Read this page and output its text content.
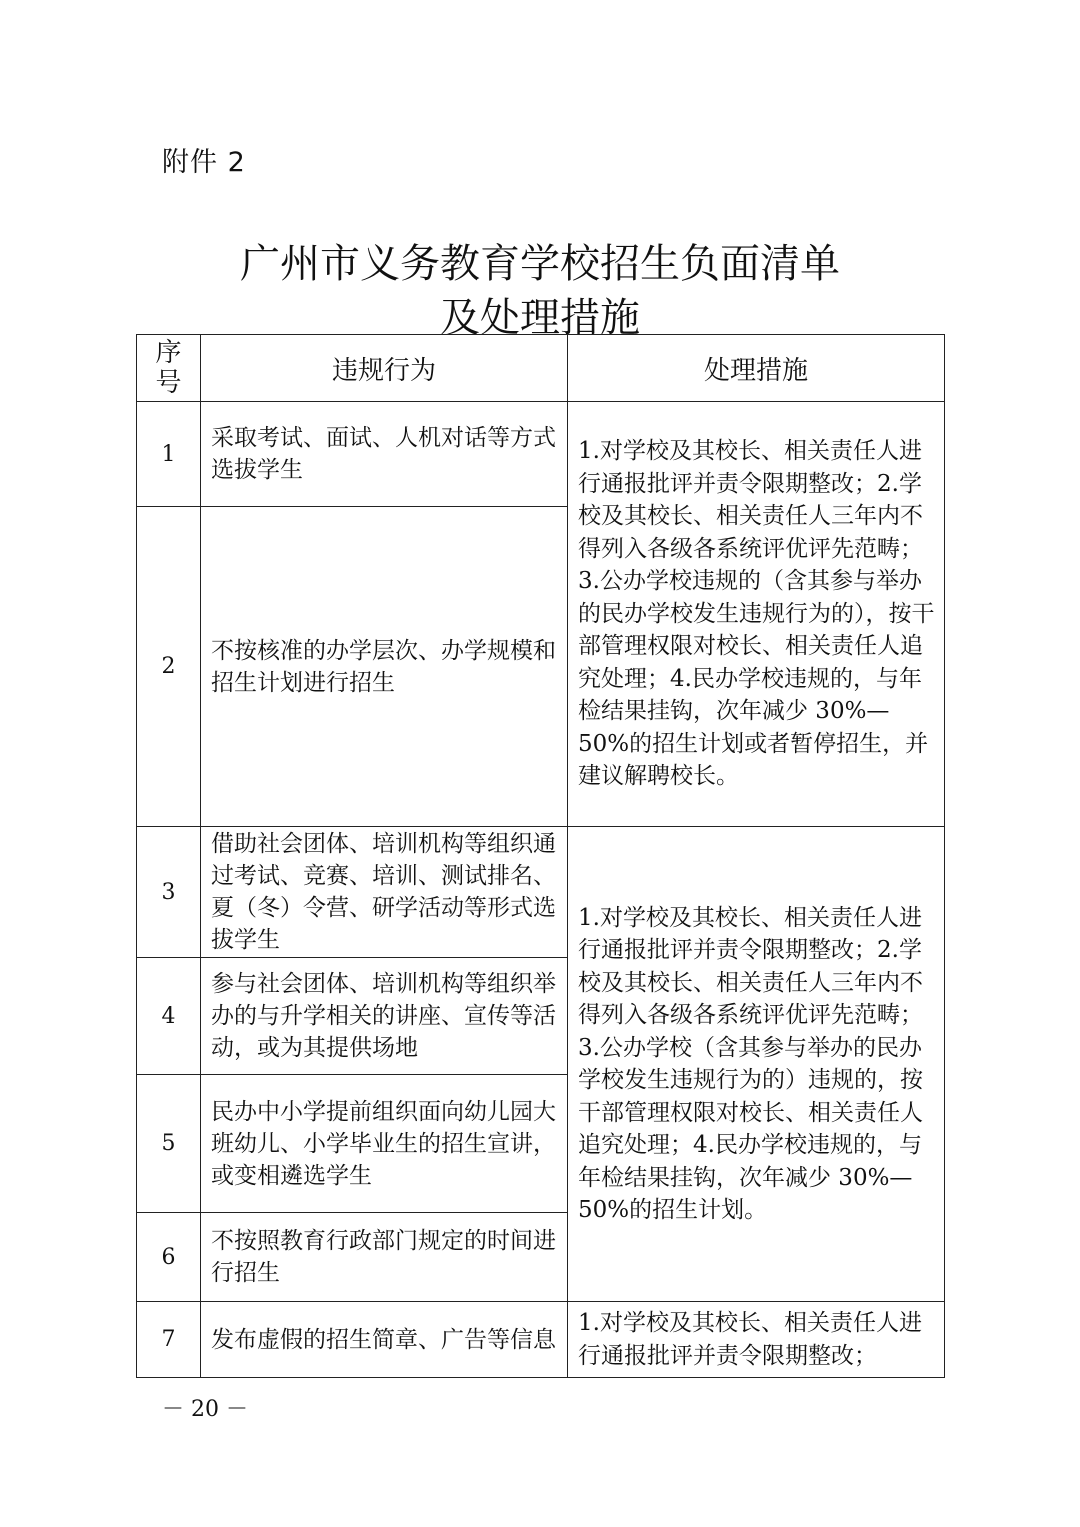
附件 2
广州市义务教育学校招生负面清单
及处理措施
序
号	违规行为	处理措施
1	采取考试、面试、人机对话等方式选拔学生	1.对学校及其校长、相关责任人进行通报批评并责令限期整改；2.学校及其校长、相关责任人三年内不得列入各级各系统评优评先范畴；3.公办学校违规的（含其参与举办的民办学校发生违规行为的），按干部管理权限对校长、相关责任人追究处理；4.民办学校违规的，与年检结果挂钩，次年减少 30%—50%的招生计划或者暂停招生，并建议解聘校长。
2	不按核准的办学层次、办学规模和招生计划进行招生	
3	借助社会团体、培训机构等组织通过考试、竞赛、培训、测试排名、夏（冬）令营、研学活动等形式选拔学生	1.对学校及其校长、相关责任人进行通报批评并责令限期整改；2.学校及其校长、相关责任人三年内不得列入各级各系统评优评先范畴；3.公办学校（含其参与举办的民办学校发生违规行为的）违规的，按干部管理权限对校长、相关责任人追究处理；4.民办学校违规的，与年检结果挂钩，次年减少 30%—50%的招生计划。
4	参与社会团体、培训机构等组织举办的与升学相关的讲座、宣传等活动，或为其提供场地	
5	民办中小学提前组织面向幼儿园大班幼儿、小学毕业生的招生宣讲，或变相遴选学生	
6	不按照教育行政部门规定的时间进行招生	
7	发布虚假的招生简章、广告等信息	1.对学校及其校长、相关责任人进行通报批评并责令限期整改；
－ 20 －
